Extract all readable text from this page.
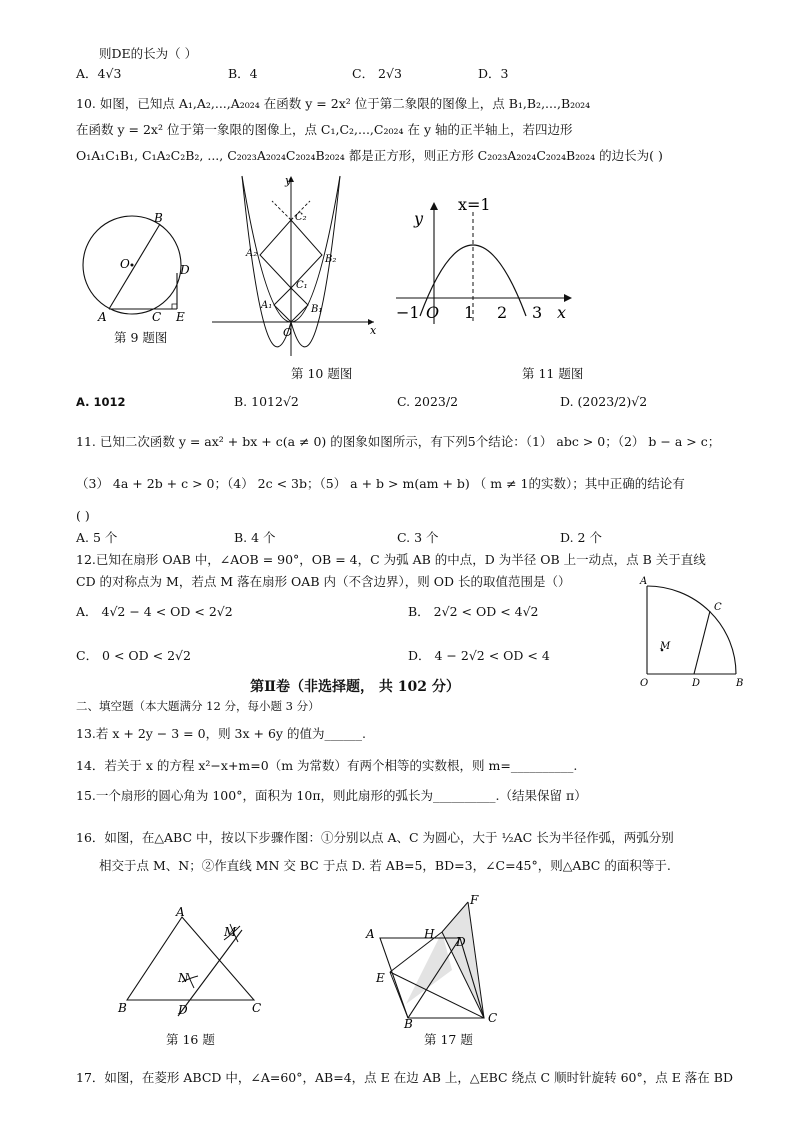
则DE的长为（ ）
A．4√3	B．4	C． 2√3	D．3
10. 如图，已知点 A₁,A₂,...,A₂₀₂₄ 在函数 y = 2x² 位于第二象限的图像上，点 B₁,B₂,...,B₂₀₂₄
在函数 y = 2x² 位于第一象限的图像上，点 C₁,C₂,...,C₂₀₂₄ 在 y 轴的正半轴上，若四边形
O₁A₁C₁B₁, C₁A₂C₂B₂, ..., C₂₀₂₃A₂₀₂₄C₂₀₂₄B₂₀₂₄ 都是正方形，则正方形 C₂₀₂₃A₂₀₂₄C₂₀₂₄B₂₀₂₄ 的边长为( )
B
O	D
A	C E
第 9 题图
y
x
O
A₁	B₁
C₁
A₂
B₂
C₂
第 10 题图
y
x=1
−1 O 1 2 3 x
第 11 题图
A. 1012	B. 1012√2	C. 2023/2	D. (2023/2)√2
11. 已知二次函数 y = ax² + bx + c(a ≠ 0) 的图象如图所示，有下列5个结论：（1） abc > 0；（2） b − a > c；
（3） 4a + 2b + c > 0；（4） 2c < 3b；（5） a + b > m(am + b) （ m ≠ 1的实数）；其中正确的结论有
( )
A. 5 个	B. 4 个	C. 3 个	D. 2 个
12.已知在扇形 OAB 中，∠AOB = 90°，OB = 4，C 为弧 AB 的中点，D 为半径 OB 上一动点，点 B 关于直线
CD 的对称点为 M，若点 M 落在扇形 OAB 内（不含边界），则 OD 长的取值范围是（）
A． 4√2 − 4 < OD < 2√2	B． 2√2 < OD < 4√2
C． 0 < OD < 2√2	D． 4 − 2√2 < OD < 4
A
C
M
O	D	B
第Ⅱ卷（非选择题， 共 102 分）
二、填空题（本大题满分 12 分，每小题 3 分）
13.若 x + 2y − 3 = 0，则 3x + 6y 的值为______.
14．若关于 x 的方程 x²−x+m=0（m 为常数）有两个相等的实数根，则 m=__________.
15.一个扇形的圆心角为 100°，面积为 10π，则此扇形的弧长为__________.（结果保留 π）
16．如图，在△ABC 中，按以下步骤作图：①分别以点 A、C 为圆心，大于 ½AC 长为半径作弧，两弧分别
相交于点 M、N；②作直线 MN 交 BC 于点 D. 若 AB=5，BD=3，∠C=45°，则△ABC 的面积等于.
A
M
N
B	D	C
第 16 题
F
A	H
D
E
B	C
第 17 题
17．如图，在菱形 ABCD 中，∠A=60°，AB=4，点 E 在边 AB 上，△EBC 绕点 C 顺时针旋转 60°，点 E 落在 BD
